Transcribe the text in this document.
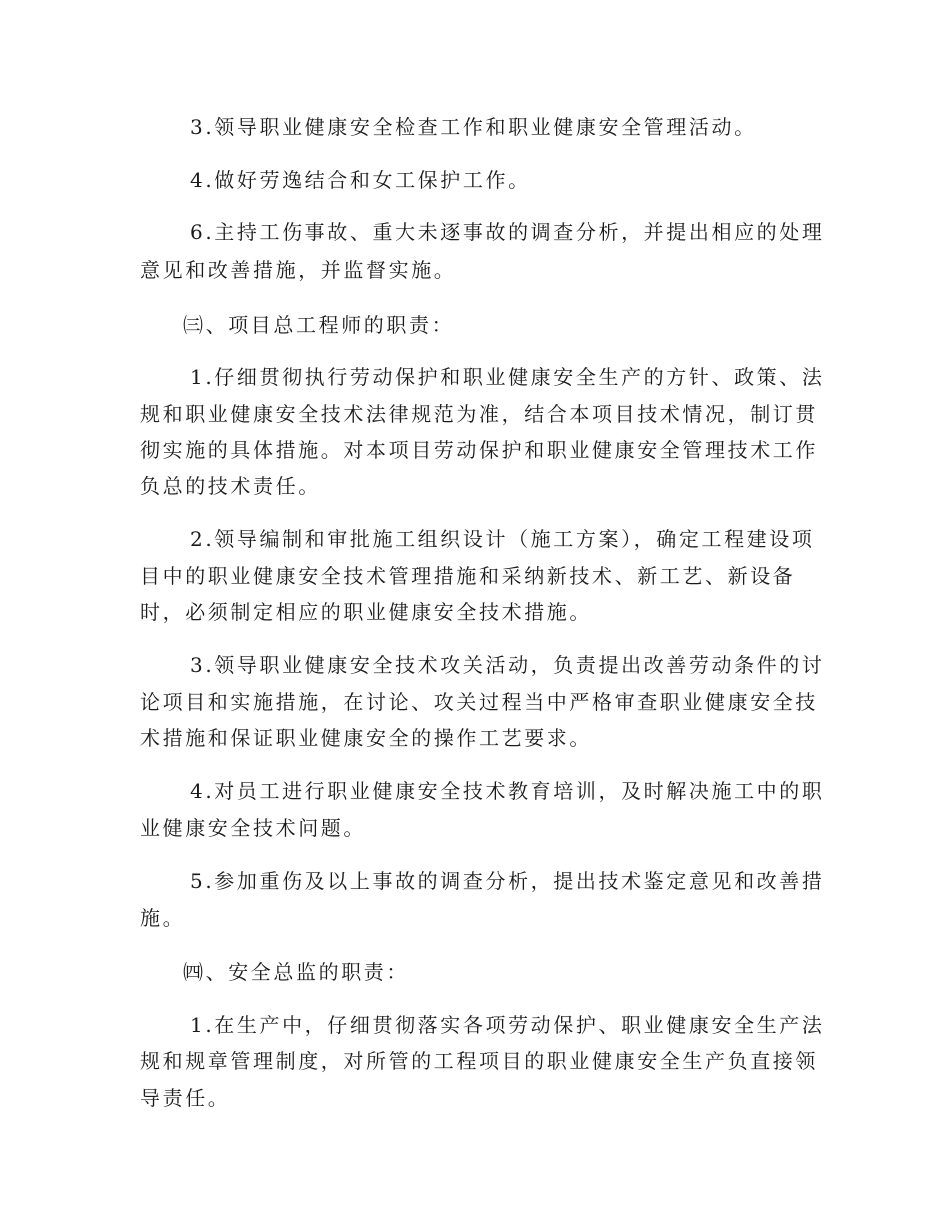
3.领导职业健康安全检查工作和职业健康安全管理活动。
4.做好劳逸结合和女工保护工作。
6.主持工伤事故、重大未逐事故的调查分析，并提出相应的处理
意见和改善措施，并监督实施。
㈢、项目总工程师的职责：
1.仔细贯彻执行劳动保护和职业健康安全生产的方针、政策、法
规和职业健康安全技术法律规范为准，结合本项目技术情况，制订贯
彻实施的具体措施。对本项目劳动保护和职业健康安全管理技术工作
负总的技术责任。
2.领导编制和审批施工组织设计（施工方案），确定工程建设项
目中的职业健康安全技术管理措施和采纳新技术、新工艺、新设备
时，必须制定相应的职业健康安全技术措施。
3.领导职业健康安全技术攻关活动，负责提出改善劳动条件的讨
论项目和实施措施，在讨论、攻关过程当中严格审查职业健康安全技
术措施和保证职业健康安全的操作工艺要求。
4.对员工进行职业健康安全技术教育培训，及时解决施工中的职
业健康安全技术问题。
5.参加重伤及以上事故的调查分析，提出技术鉴定意见和改善措
施。
㈣、安全总监的职责：
1.在生产中，仔细贯彻落实各项劳动保护、职业健康安全生产法
规和规章管理制度，对所管的工程项目的职业健康安全生产负直接领
导责任。
